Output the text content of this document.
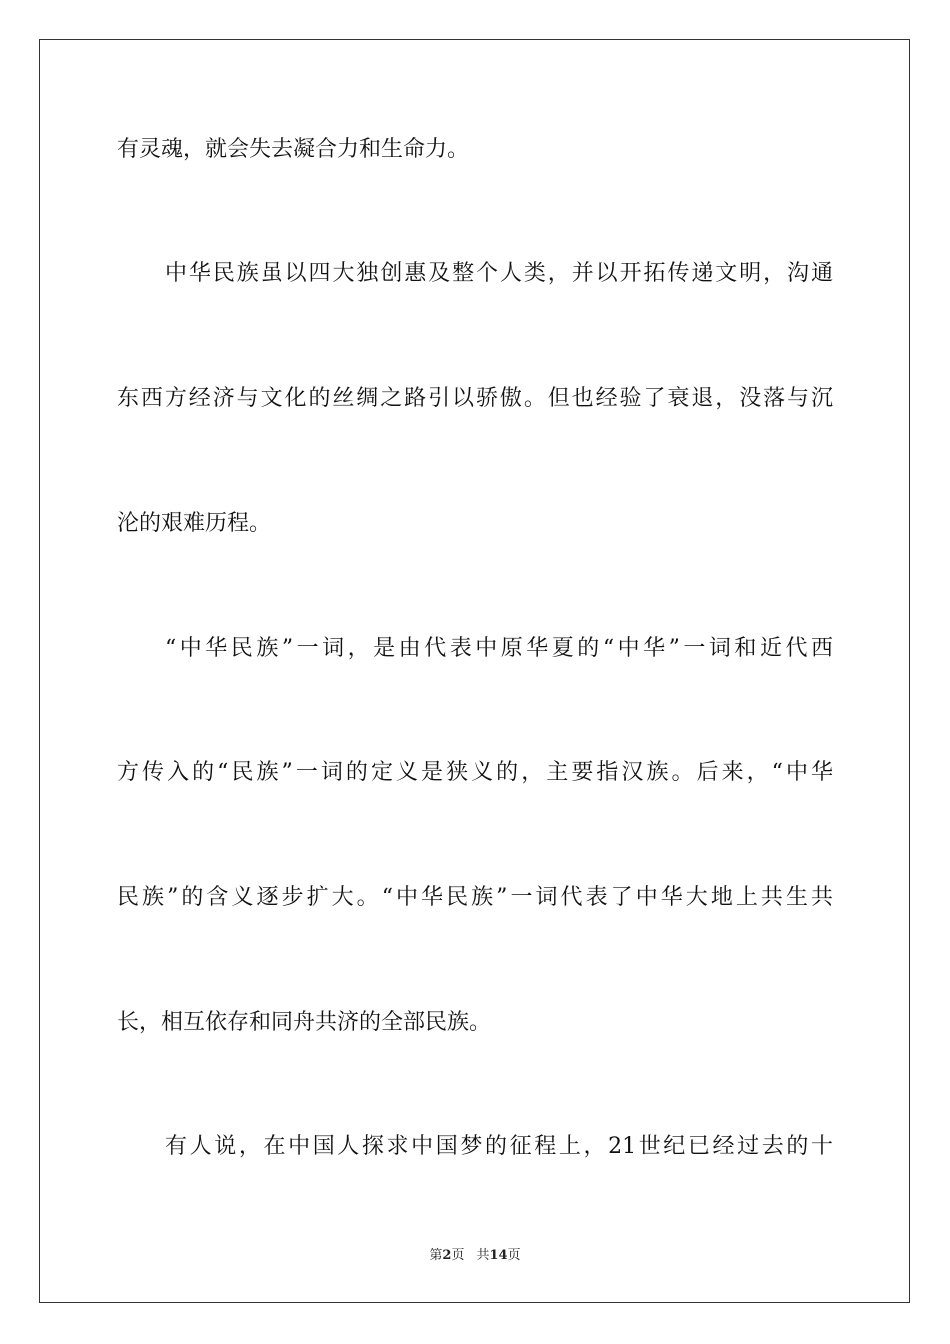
有灵魂，就会失去凝合力和生命力。
中华民族虽以四大独创惠及整个人类，并以开拓传递文明，沟通
东西方经济与文化的丝绸之路引以骄傲。但也经验了衰退，没落与沉
沦的艰难历程。
“中华民族”一词，是由代表中原华夏的“中华”一词和近代西
方传入的“民族”一词的定义是狭义的，主要指汉族。后来，“中华
民族”的含义逐步扩大。“中华民族”一词代表了中华大地上共生共
长，相互依存和同舟共济的全部民族。
有人说，在中国人探求中国梦的征程上，21世纪已经过去的十
第2页 共14页
